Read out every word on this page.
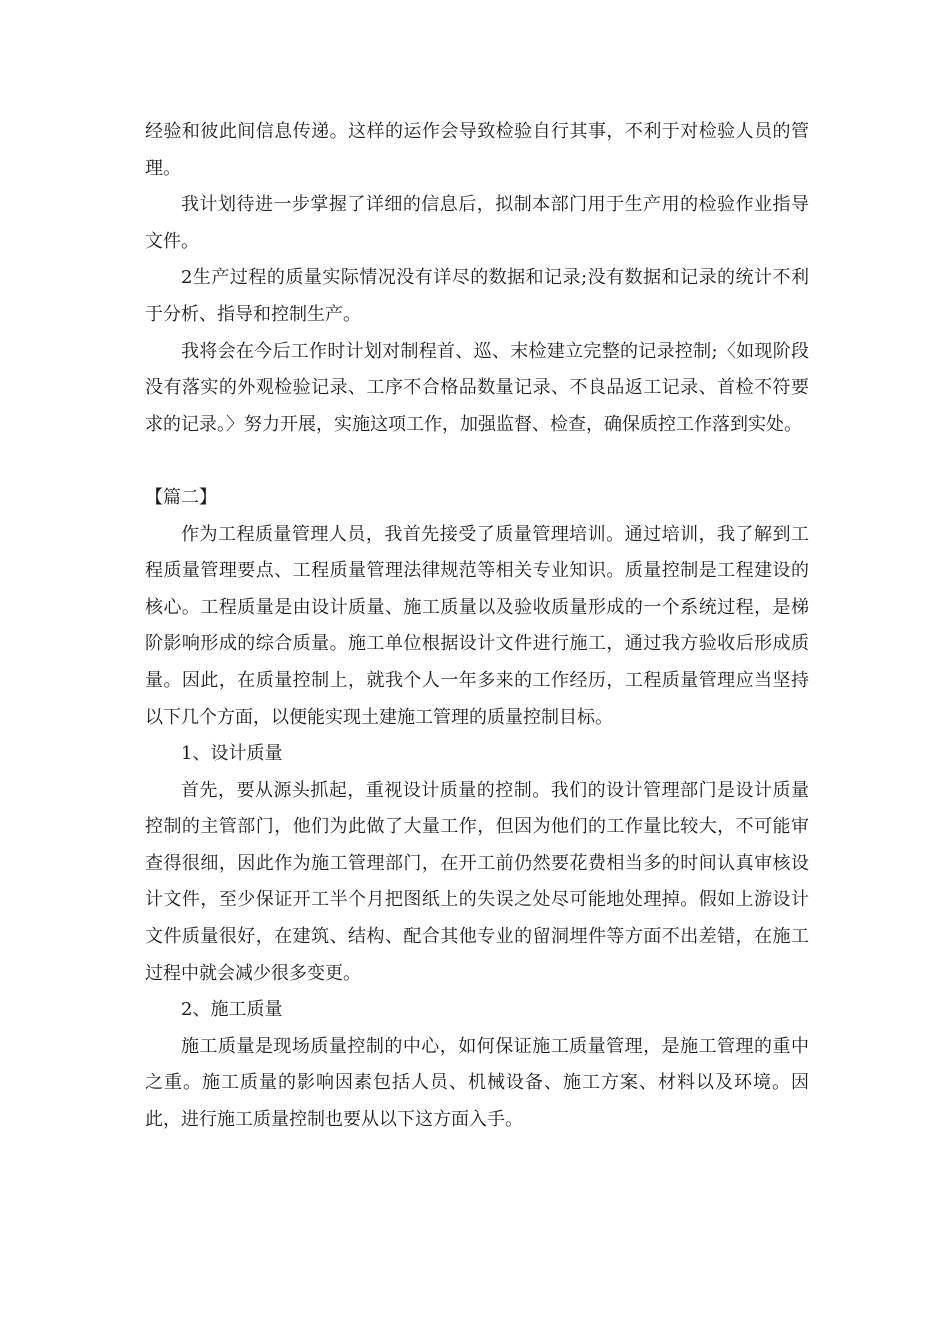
经验和彼此间信息传递。这样的运作会导致检验自行其事，不利于对检验人员的管理。

我计划待进一步掌握了详细的信息后，拟制本部门用于生产用的检验作业指导文件。

2生产过程的质量实际情况没有详尽的数据和记录;没有数据和记录的统计不利于分析、指导和控制生产。

我将会在今后工作时计划对制程首、巡、末检建立完整的记录控制;〈如现阶段没有落实的外观检验记录、工序不合格品数量记录、不良品返工记录、首检不符要求的记录。〉努力开展，实施这项工作，加强监督、检查，确保质控工作落到实处。

【篇二】

作为工程质量管理人员，我首先接受了质量管理培训。通过培训，我了解到工程质量管理要点、工程质量管理法律规范等相关专业知识。质量控制是工程建设的核心。工程质量是由设计质量、施工质量以及验收质量形成的一个系统过程，是梯阶影响形成的综合质量。施工单位根据设计文件进行施工，通过我方验收后形成质量。因此，在质量控制上，就我个人一年多来的工作经历，工程质量管理应当坚持以下几个方面，以便能实现土建施工管理的质量控制目标。

1、设计质量

首先，要从源头抓起，重视设计质量的控制。我们的设计管理部门是设计质量控制的主管部门，他们为此做了大量工作，但因为他们的工作量比较大，不可能审查得很细，因此作为施工管理部门，在开工前仍然要花费相当多的时间认真审核设计文件，至少保证开工半个月把图纸上的失误之处尽可能地处理掉。假如上游设计文件质量很好，在建筑、结构、配合其他专业的留洞埋件等方面不出差错，在施工过程中就会减少很多变更。

2、施工质量

施工质量是现场质量控制的中心，如何保证施工质量管理，是施工管理的重中之重。施工质量的影响因素包括人员、机械设备、施工方案、材料以及环境。因此，进行施工质量控制也要从以下这方面入手。
